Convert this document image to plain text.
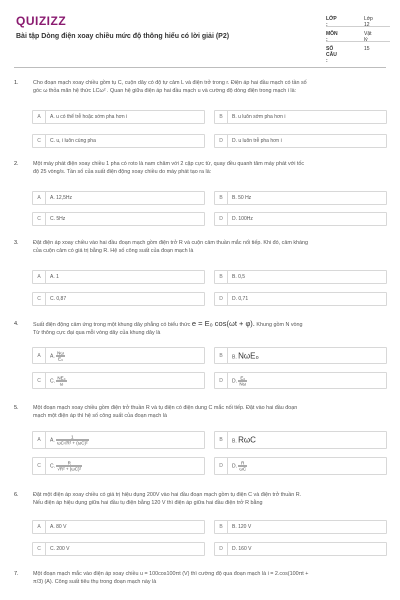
QUIZIZZ
Bài tập Dòng điện xoay chiều mức độ thông hiểu có lời giải (P2)
LỚP :
Lớp 12
MÔN :
Vật lý
SỐ CÂU :
15
1.	Cho đoạn mạch xoay chiều gồm tụ C, cuộn dây có độ tự cảm L và điện trở trong r. Điện áp hai đầu mạch có tần số
góc ω thỏa mãn hệ thức LCω² . Quan hệ giữa điện áp hai đầu mạch u và cường độ dòng điện trong mạch i là:
A	A. u có thể trễ hoặc sớm pha hơn i	B	B. u luôn sớm pha hơn i
C	C. u, i luôn cùng pha	D	D. u luôn trễ pha hơn i
2.	Một máy phát điện xoay chiều 1 pha có roto là nam châm với 2 cặp cực từ, quay đều quanh tâm máy phát với tốc
độ 25 vòng/s. Tần số của suất điện động xoay chiều do máy phát tạo ra là:
A	A. 12,5Hz	B	B. 50 Hz
C	C. 5Hz	D	D. 100Hz
3.	Đặt điện áp xoay chiều vào hai đầu đoạn mạch gồm điện trở R và cuộn cảm thuần mắc nối tiếp. Khi đó, cảm kháng
của cuộn cảm có giá trị bằng R. Hệ số công suất của đoạn mạch là
A	A. 1	B	B. 0,5
C	C. 0,87	D	D. 0,71
4.	Suất điện động cảm ứng trong một khung dây phẳng có biểu thức e = E₀ cos(ωt + φ). Khung gồm N vòng
Từ thông cực đại qua mỗi vòng dây của khung dây là
A	A. $\frac{N\omega}{\text{E₀}}$	B	B. NωE₀
C	C. $\frac{\text{NE₀}}{\omega}$	D	D. $\frac{\text{E₀}}{N\omega}$
5.	Một đoạn mạch xoay chiều gồm điện trở thuần R và tụ điện có điện dung C mắc nối tiếp. Đặt vào hai đầu đoạn
mạch một điện áp thì hệ số công suất của đoạn mạch là
A	A. $\frac{1}{\text{ωC√R² + (ωC)²}}$	B	B. RωC
C	C. $\frac{R}{\text{√R² + (ωC)²}}$	D	D. $\frac{R}{\omega C}$
6.	Đặt một điện áp xoay chiều có giá trị hiệu dụng 200V vào hai đầu đoạn mạch gồm tụ điện C và điện trở thuần R.
Nếu điện áp hiệu dụng giữa hai đầu tụ điện bằng 120 V thì điện áp giữa hai đầu điện trở R bằng
A	A. 80 V	B	B. 120 V
C	C. 200 V	D	D. 160 V
7.	Một đoạn mạch mắc vào điện áp xoay chiều u = 100cos100πt (V) thì cường độ qua đoạn mạch là i = 2.cos(100πt +
π/3) (A). Công suất tiêu thụ trong đoạn mạch này là
